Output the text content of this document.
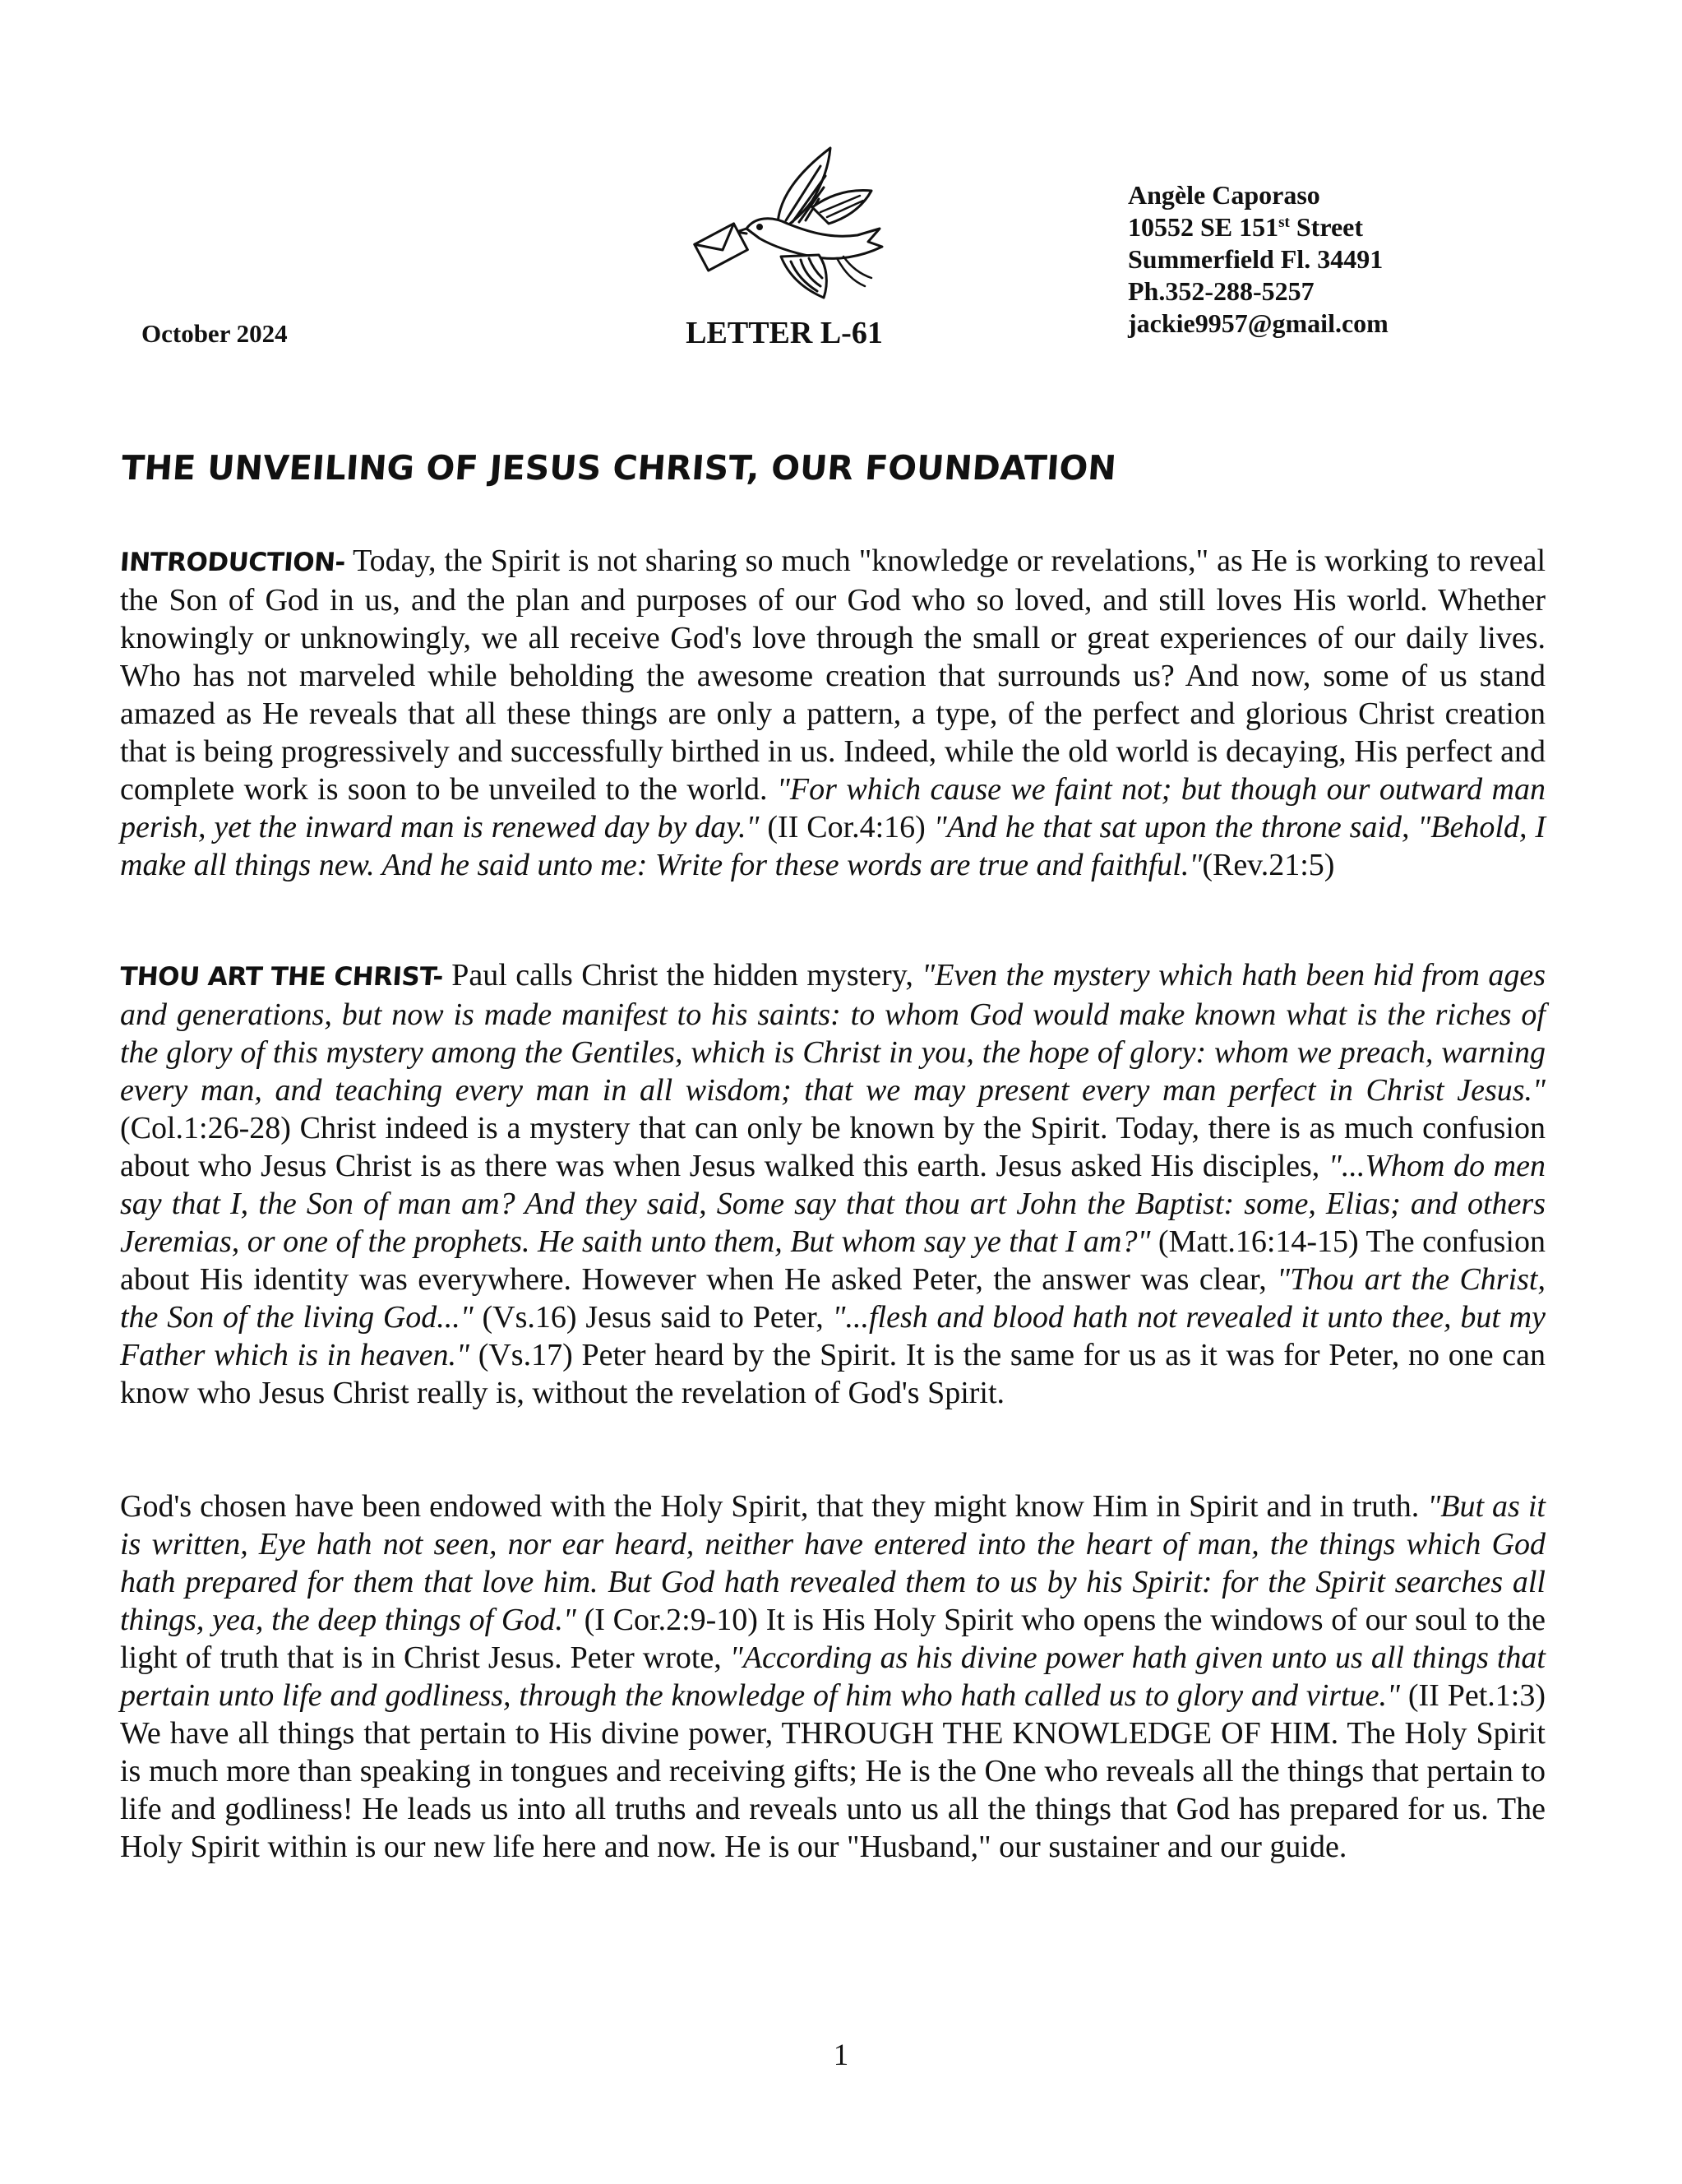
October 2024	LETTER L-61
Angèle Caporaso
10552 SE 151st Street
Summerfield Fl. 34491
Ph.352-288-5257
jackie9957@gmail.com
THE UNVEILING OF JESUS CHRIST, OUR FOUNDATION

INTRODUCTION- Today, the Spirit is not sharing so much "knowledge or revelations," as He is working to reveal the Son of God in us, and the plan and purposes of our God who so loved, and still loves His world. Whether knowingly or unknowingly, we all receive God's love through the small or great experiences of our daily lives. Who has not marveled while beholding the awesome creation that surrounds us? And now, some of us stand amazed as He reveals that all these things are only a pattern, a type, of the perfect and glorious Christ creation that is being progressively and successfully birthed in us. Indeed, while the old world is decaying, His perfect and complete work is soon to be unveiled to the world. "For which cause we faint not; but though our outward man perish, yet the inward man is renewed day by day." (II Cor.4:16) "And he that sat upon the throne said, "Behold, I make all things new. And he said unto me: Write for these words are true and faithful."(Rev.21:5)

THOU ART THE CHRIST- Paul calls Christ the hidden mystery, "Even the mystery which hath been hid from ages and generations, but now is made manifest to his saints: to whom God would make known what is the riches of the glory of this mystery among the Gentiles, which is Christ in you, the hope of glory: whom we preach, warning every man, and teaching every man in all wisdom; that we may present every man perfect in Christ Jesus." (Col.1:26-28) Christ indeed is a mystery that can only be known by the Spirit. Today, there is as much confusion about who Jesus Christ is as there was when Jesus walked this earth. Jesus asked His disciples, "...Whom do men say that I, the Son of man am? And they said, Some say that thou art John the Baptist: some, Elias; and others Jeremias, or one of the prophets. He saith unto them, But whom say ye that I am?" (Matt.16:14-15) The confusion about His identity was everywhere. However when He asked Peter, the answer was clear, "Thou art the Christ, the Son of the living God..." (Vs.16) Jesus said to Peter, "...flesh and blood hath not revealed it unto thee, but my Father which is in heaven." (Vs.17) Peter heard by the Spirit. It is the same for us as it was for Peter, no one can know who Jesus Christ really is, without the revelation of God's Spirit.

God's chosen have been endowed with the Holy Spirit, that they might know Him in Spirit and in truth. "But as it is written, Eye hath not seen, nor ear heard, neither have entered into the heart of man, the things which God hath prepared for them that love him. But God hath revealed them to us by his Spirit: for the Spirit searches all things, yea, the deep things of God." (I Cor.2:9-10) It is His Holy Spirit who opens the windows of our soul to the light of truth that is in Christ Jesus. Peter wrote, "According as his divine power hath given unto us all things that pertain unto life and godliness, through the knowledge of him who hath called us to glory and virtue." (II Pet.1:3) We have all things that pertain to His divine power, THROUGH THE KNOWLEDGE OF HIM. The Holy Spirit is much more than speaking in tongues and receiving gifts; He is the One who reveals all the things that pertain to life and godliness! He leads us into all truths and reveals unto us all the things that God has prepared for us. The Holy Spirit within is our new life here and now. He is our "Husband," our sustainer and our guide.

1
